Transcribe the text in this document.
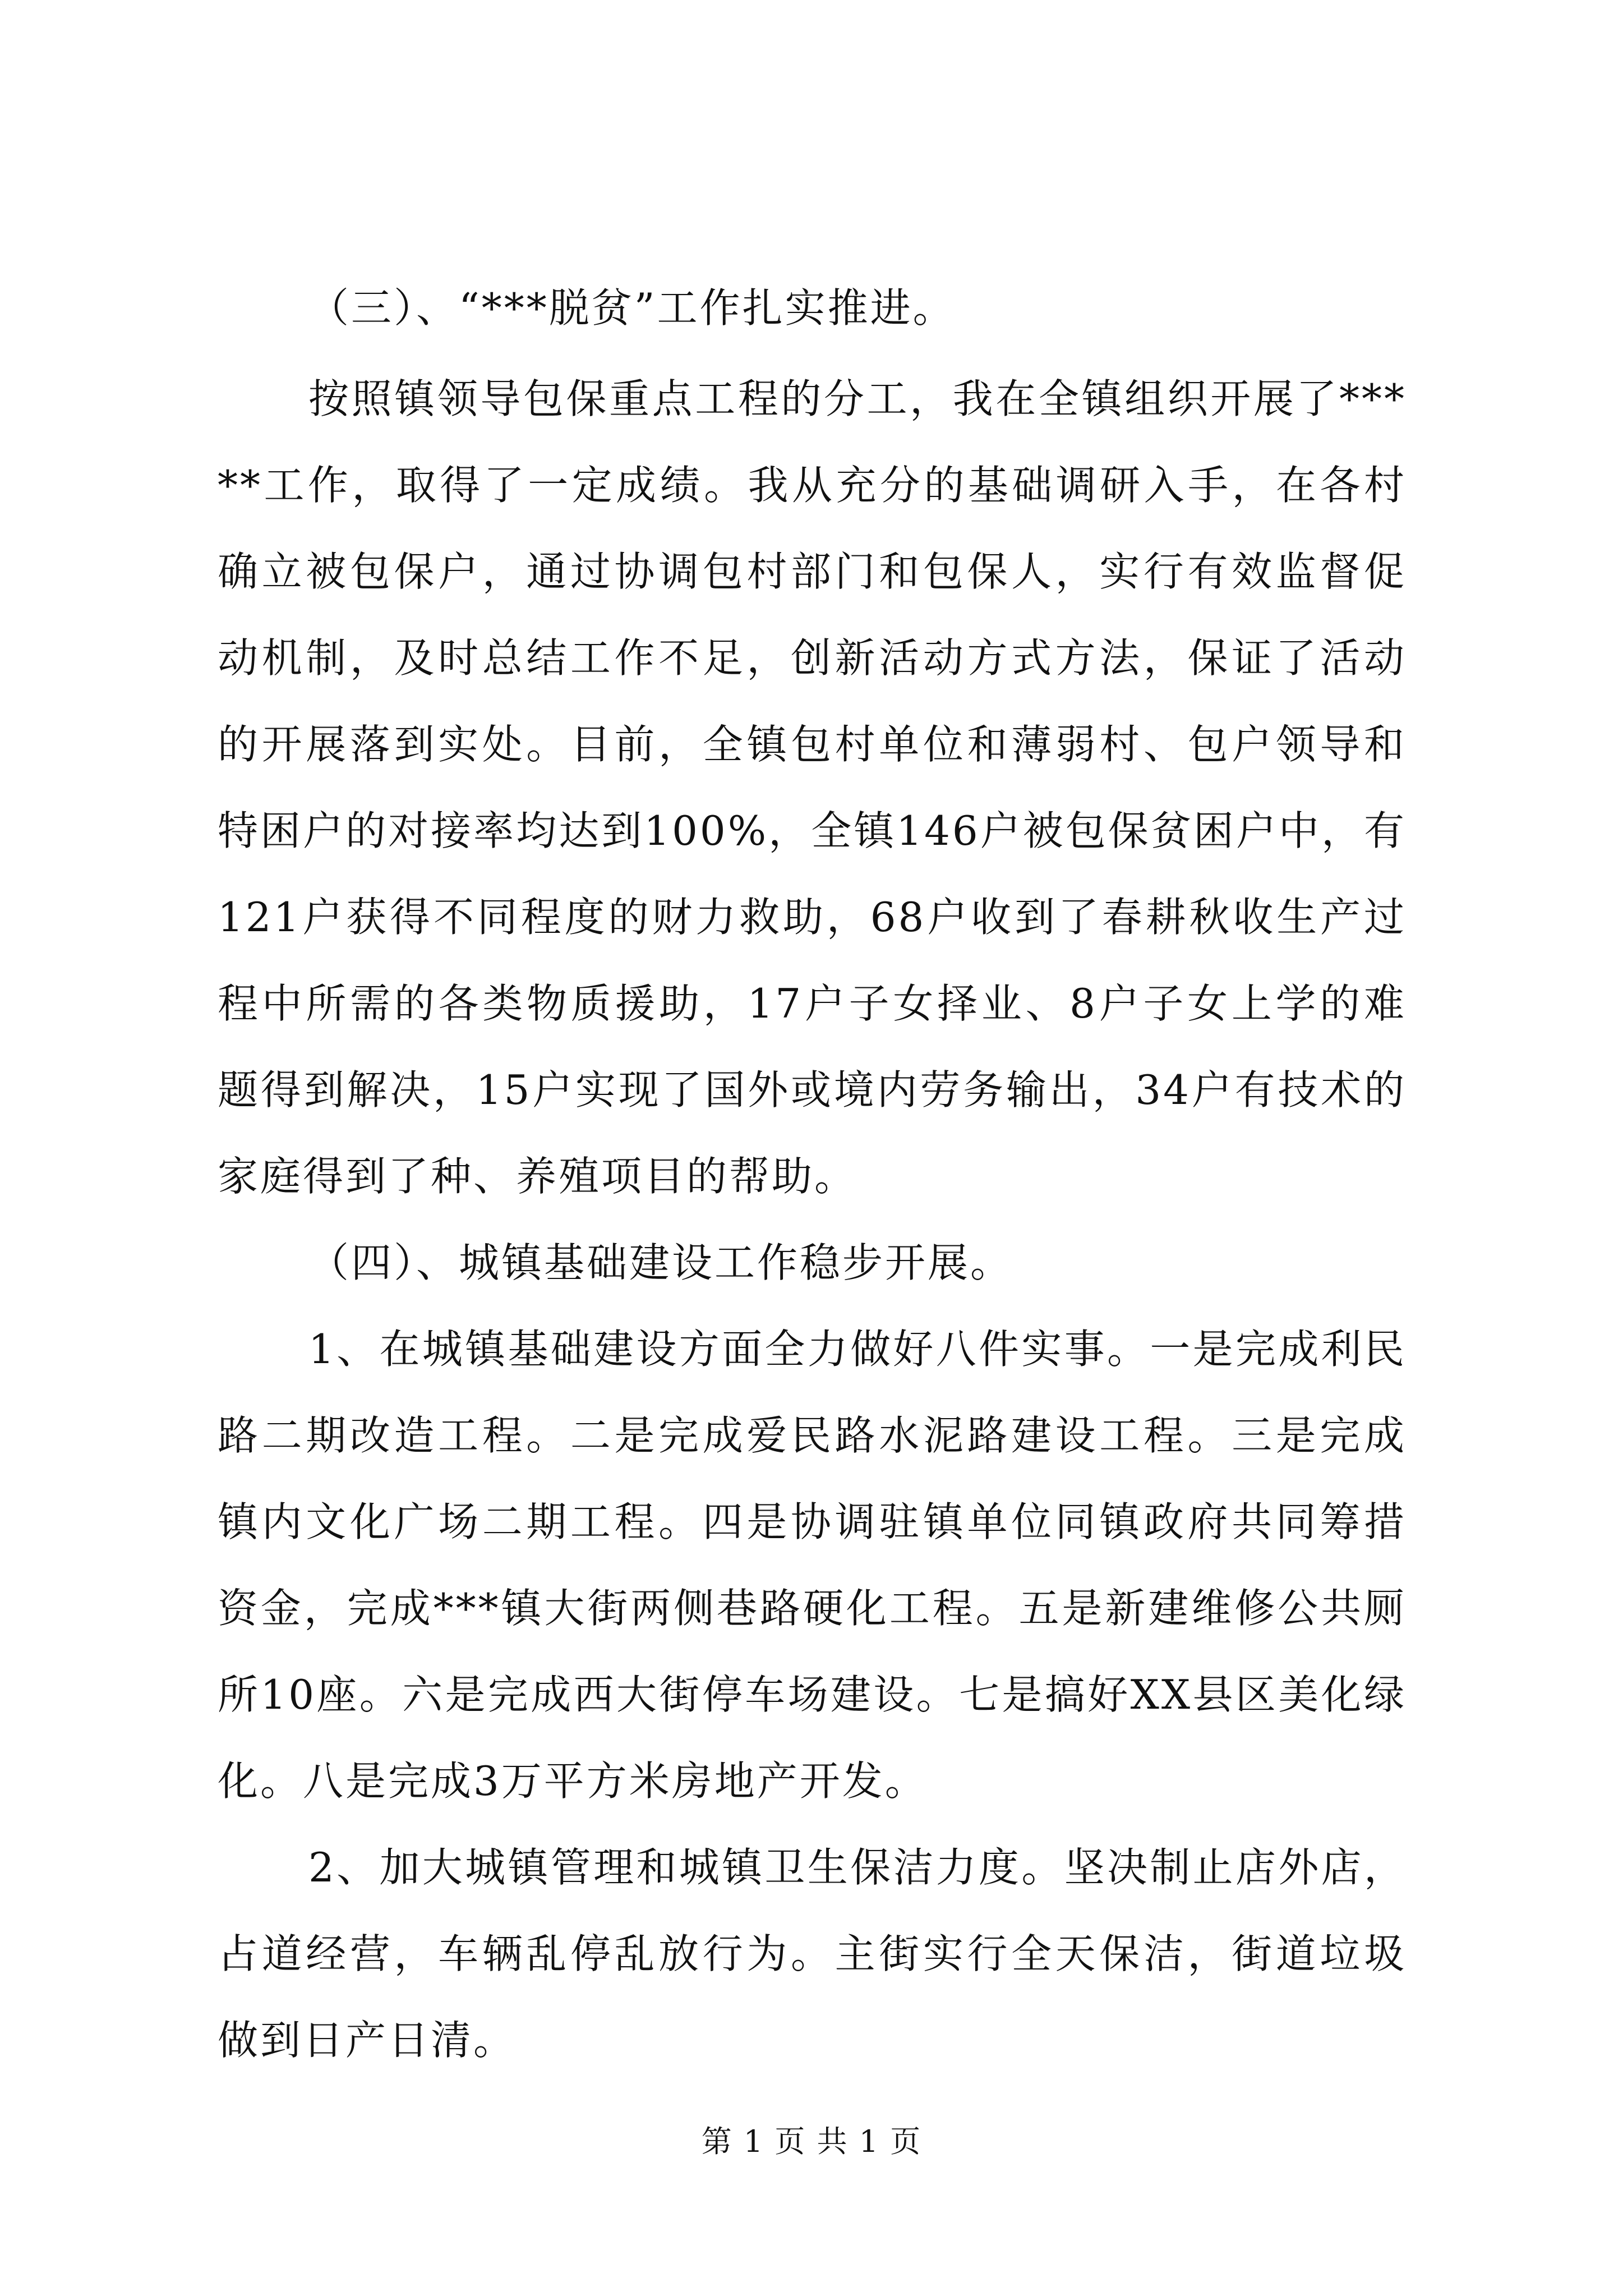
（三）、“***脱贫”工作扎实推进。

按照镇领导包保重点工程的分工，我在全镇组织开展了*****工作，取得了一定成绩。我从充分的基础调研入手，在各村确立被包保户，通过协调包村部门和包保人，实行有效监督促动机制，及时总结工作不足，创新活动方式方法，保证了活动的开展落到实处。目前，全镇包村单位和薄弱村、包户领导和特困户的对接率均达到100%，全镇146户被包保贫困户中，有121户获得不同程度的财力救助，68户收到了春耕秋收生产过程中所需的各类物质援助，17户子女择业、8户子女上学的难题得到解决，15户实现了国外或境内劳务输出，34户有技术的家庭得到了种、养殖项目的帮助。

（四）、城镇基础建设工作稳步开展。

1、在城镇基础建设方面全力做好八件实事。一是完成利民路二期改造工程。二是完成爱民路水泥路建设工程。三是完成镇内文化广场二期工程。四是协调驻镇单位同镇政府共同筹措资金，完成***镇大街两侧巷路硬化工程。五是新建维修公共厕所10座。六是完成西大街停车场建设。七是搞好XX县区美化绿化。八是完成3万平方米房地产开发。

2、加大城镇管理和城镇卫生保洁力度。坚决制止店外店，占道经营，车辆乱停乱放行为。主街实行全天保洁，街道垃圾做到日产日清。

第 1 页 共 1 页
